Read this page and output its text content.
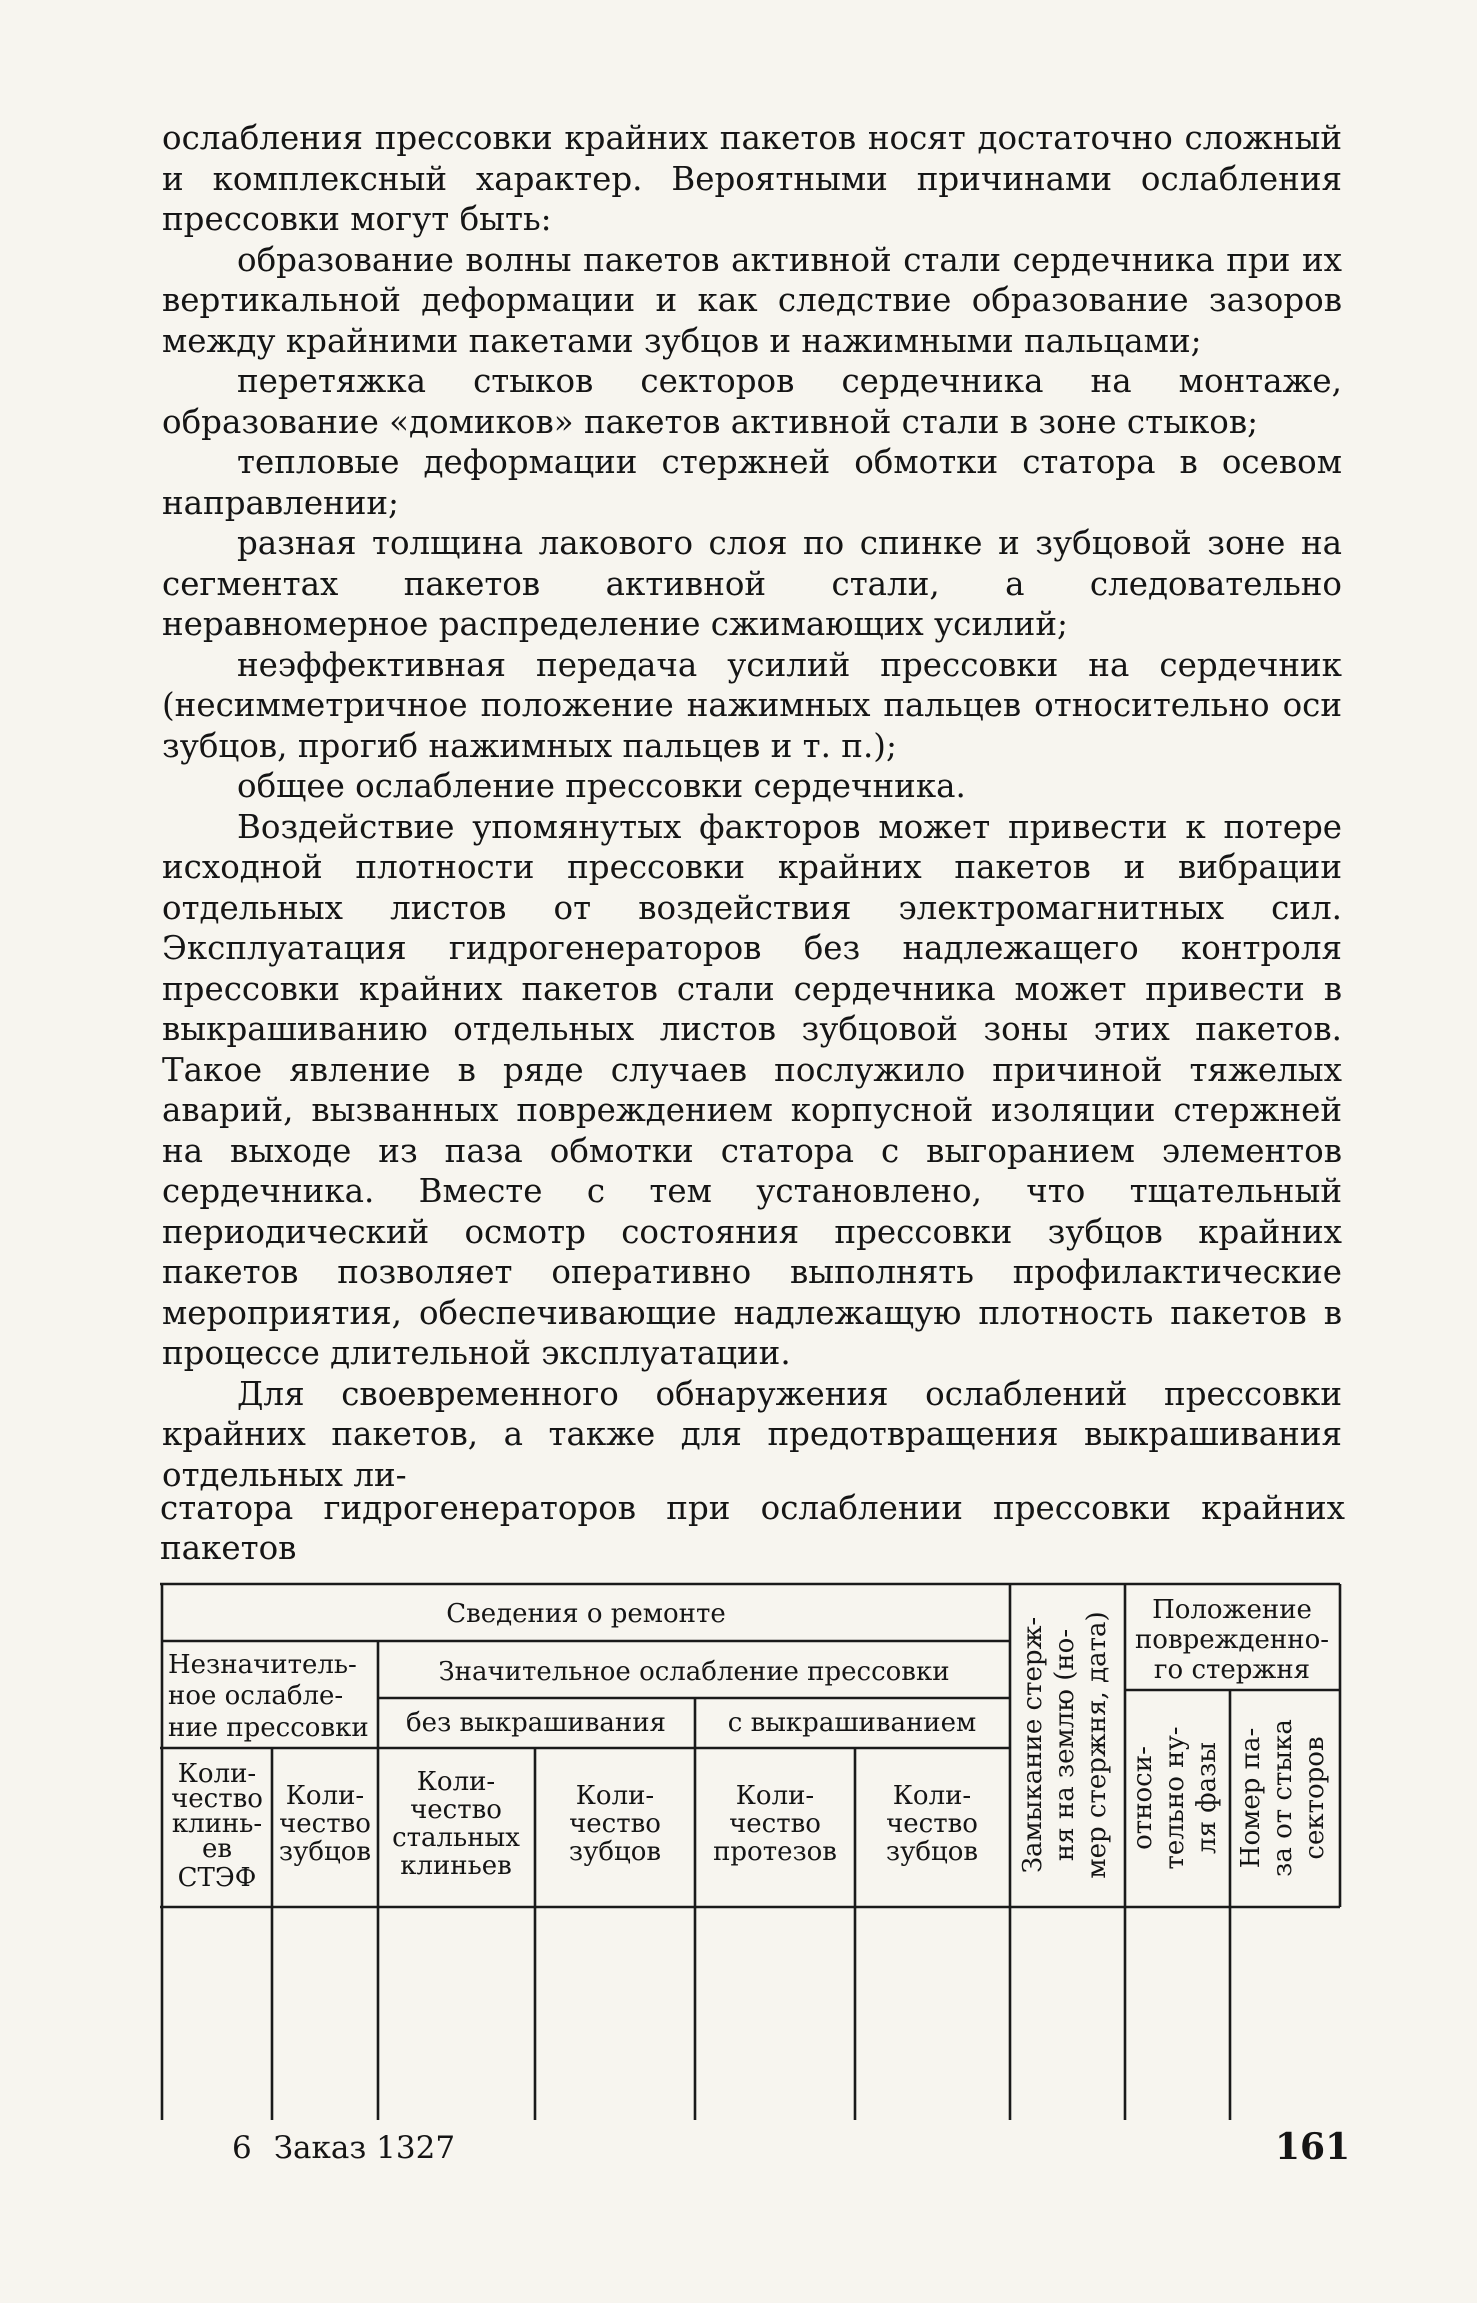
ослабления прессовки крайних пакетов носят достаточно сложный и комплексный характер. Вероятными причинами ослабления прессовки могут быть:

образование волны пакетов активной стали сердечника при их вертикальной деформации и как следствие образование зазоров между крайними пакетами зубцов и нажимными пальцами;

перетяжка стыков секторов сердечника на монтаже, образование «домиков» пакетов активной стали в зоне стыков;

тепловые деформации стержней обмотки статора в осевом направлении;

разная толщина лакового слоя по спинке и зубцовой зоне на сегментах пакетов активной стали, а следовательно неравномерное распределение сжимающих усилий;

неэффективная передача усилий прессовки на сердечник (несимметричное положение нажимных пальцев относительно оси зубцов, прогиб нажимных пальцев и т. п.);

общее ослабление прессовки сердечника.

Воздействие упомянутых факторов может привести к потере исходной плотности прессовки крайних пакетов и вибрации отдельных листов от воздействия электромагнитных сил. Эксплуатация гидрогенераторов без надлежащего контроля прессовки крайних пакетов стали сердечника может привести в выкрашиванию отдельных листов зубцовой зоны этих пакетов. Такое явление в ряде случаев послужило причиной тяжелых аварий, вызванных повреждением корпусной изоляции стержней на выходе из паза обмотки статора с выгоранием элементов сердечника. Вместе с тем установлено, что тщательный периодический осмотр состояния прессовки зубцов крайних пакетов позволяет оперативно выполнять профилактические мероприятия, обеспечивающие надлежащую плотность пакетов в процессе длительной эксплуатации.

Для своевременного обнаружения ослаблений прессовки крайних пакетов, а также для предотвращения выкрашивания отдельных ли-

статора гидрогенераторов при ослаблении прессовки крайних пакетов
Сведения о ремонте	Положение
поврежденно-
го стержня
Незначитель-
ное ослабле-
ние прессовки
Значительное ослабление прессовки
без выкрашивания с выкрашиванием Замыкание стерж- ня на землю (но- мер стержня, дата) относи- тельно ну- ля фазы Номер па- за от стыка секторов
Коли-
чество
клинь-
ев
СТЭФ
Коли-
чество
зубцов
Коли-
чество
стальных
клиньев
Коли-
чество
зубцов
Коли-
чество
протезов
Коли-
чество
зубцов
6 Заказ 1327	161
